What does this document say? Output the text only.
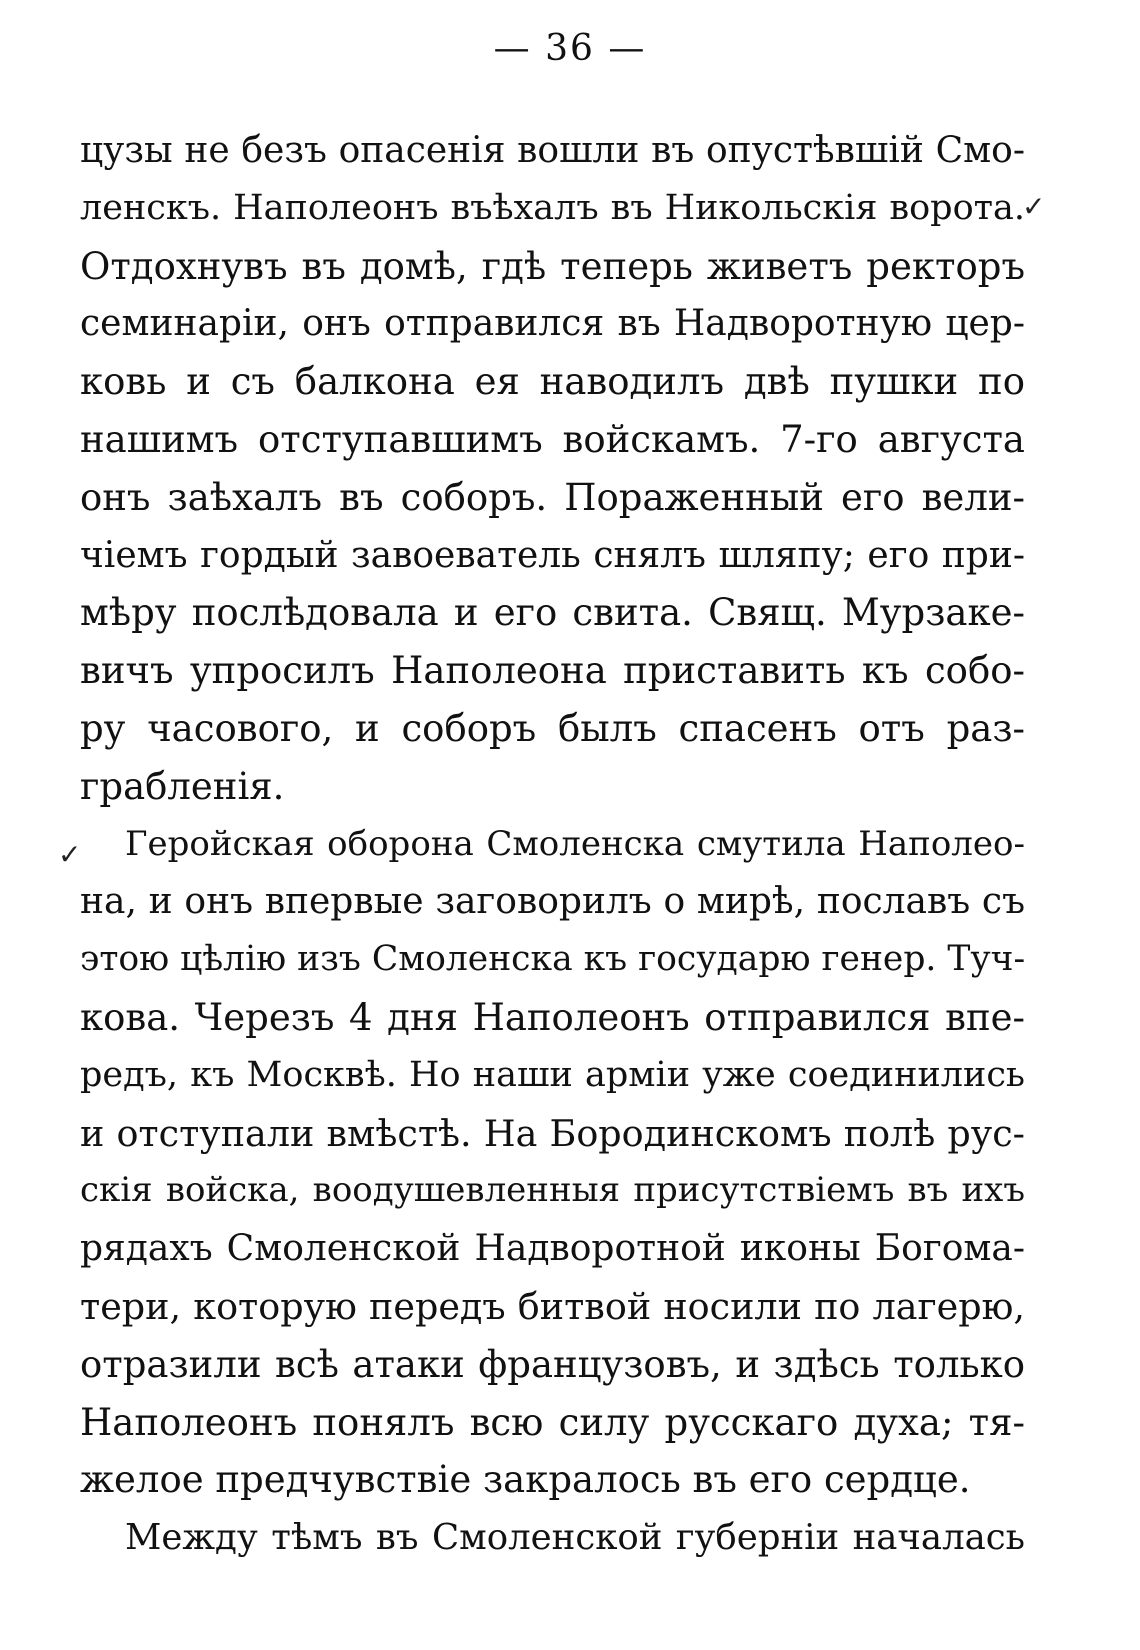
— 36 —
✓
✓
цузы не безъ опасенія вошли въ опустѣвшій Смо-
ленскъ. Наполеонъ въѣхалъ въ Никольскія ворота.
Отдохнувъ въ домѣ, гдѣ теперь живетъ ректоръ
семинаріи, онъ отправился въ Надворотную цер-
ковь и съ балкона ея наводилъ двѣ пушки по
нашимъ отступавшимъ войскамъ. 7-го августа
онъ заѣхалъ въ соборъ. Пораженный его вели-
чіемъ гордый завоеватель снялъ шляпу; его при-
мѣру послѣдовала и его свита. Свящ. Мурзаке-
вичъ упросилъ Наполеона приставить къ собо-
ру часового, и соборъ былъ спасенъ отъ раз-
грабленія.
Геройская оборона Смоленска смутила Наполео-
на, и онъ впервые заговорилъ о мирѣ, пославъ съ
этою цѣлію изъ Смоленска къ государю генер. Туч-
кова. Черезъ 4 дня Наполеонъ отправился впе-
редъ, къ Москвѣ. Но наши арміи уже соединились
и отступали вмѣстѣ. На Бородинскомъ полѣ рус-
скія войска, воодушевленныя присутствіемъ въ ихъ
рядахъ Смоленской Надворотной иконы Богома-
тери, которую передъ битвой носили по лагерю,
отразили всѣ атаки французовъ, и здѣсь только
Наполеонъ понялъ всю силу русскаго духа; тя-
желое предчувствіе закралось въ его сердце.
Между тѣмъ въ Смоленской губерніи началась
